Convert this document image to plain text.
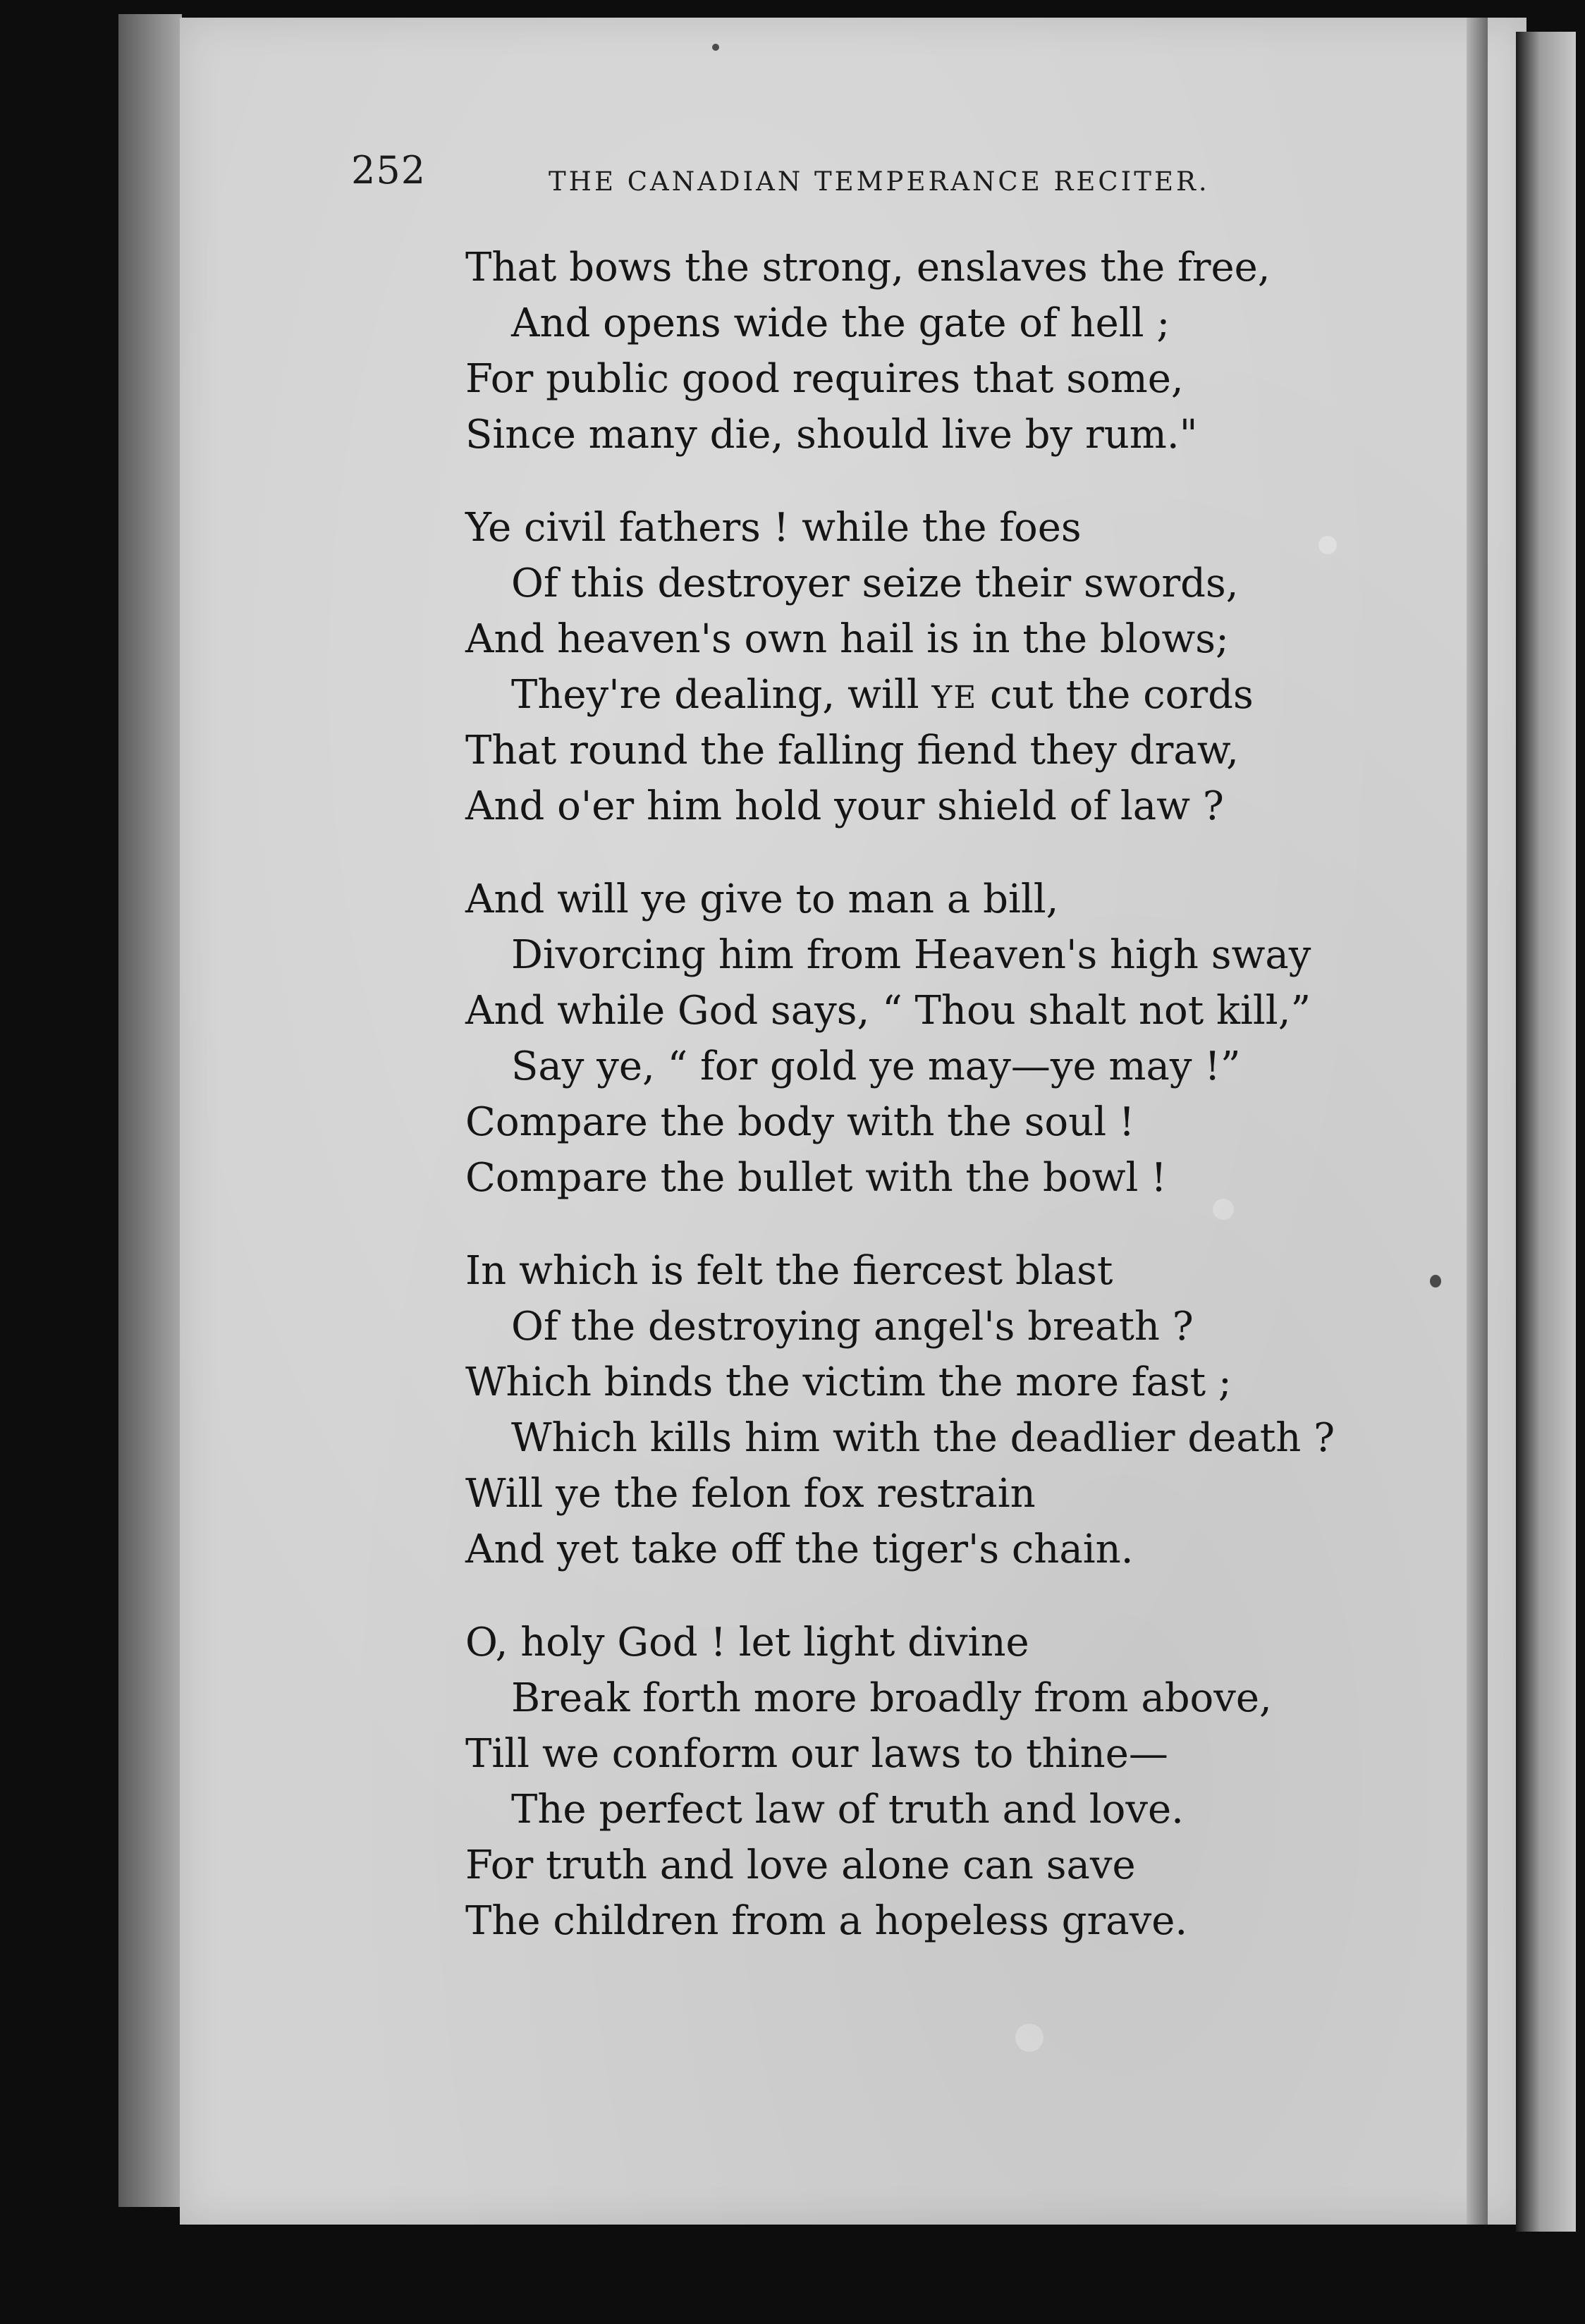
252	THE CANADIAN TEMPERANCE RECITER.
That bows the strong, enslaves the free,
And opens wide the gate of hell ;
For public good requires that some,
Since many die, should live by rum."
Ye civil fathers ! while the foes
Of this destroyer seize their swords,
And heaven's own hail is in the blows;
They're dealing, will YE cut the cords
That round the falling fiend they draw,
And o'er him hold your shield of law ?
And will ye give to man a bill,
Divorcing him from Heaven's high sway
And while God says, “ Thou shalt not kill,”
Say ye, “ for gold ye may—ye may !”
Compare the body with the soul !
Compare the bullet with the bowl !
In which is felt the fiercest blast
Of the destroying angel's breath ?
Which binds the victim the more fast ;
Which kills him with the deadlier death ?
Will ye the felon fox restrain
And yet take off the tiger's chain.
O, holy God ! let light divine
Break forth more broadly from above,
Till we conform our laws to thine—
The perfect law of truth and love.
For truth and love alone can save
The children from a hopeless grave.
